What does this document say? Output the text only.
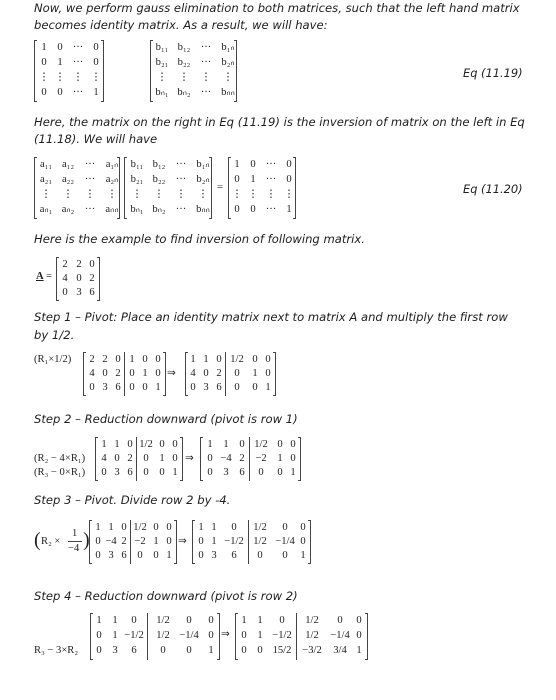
Now, we perform gauss elimination to both matrices, such that the left hand matrix
becomes identity matrix. As a result, we will have:
1 0 ··· 0
0 1 ··· 0
⋮ ⋮ ⋮ ⋮
0 0 ··· 1
b₁₁ b₁₂ ··· b₁ₙ
b₂₁ b₂₂ ··· b₂ₙ
⋮ ⋮ ⋮ ⋮
bₙ₁ bₙ₂ ··· bₙₙ
Eq (11.19)
Here, the matrix on the right in Eq (11.19) is the inversion of matrix on the left in Eq
(11.18). We will have
a₁₁ a₁₂ ··· a₁ₙ
a₂₁ a₂₂ ··· a₂ₙ
⋮ ⋮ ⋮ ⋮
aₙ₁ aₙ₂ ··· aₙₙ
b₁₁ b₁₂ ··· b₁ₙ
b₂₁ b₂₂ ··· b₂ₙ
⋮ ⋮ ⋮ ⋮
bₙ₁ bₙ₂ ··· bₙₙ
=
1 0 ··· 0
0 1 ··· 0
⋮ ⋮ ⋮ ⋮
0 0 ··· 1
Eq (11.20)
Here is the example to find inversion of following matrix.
A =
2 2 0
4 0 2
0 3 6
Step 1 – Pivot: Place an identity matrix next to matrix A and multiply the first row
by 1/2.
(R₁×1/2) 2 2 0 1 0 0
4 0 2 0 1 0
0 3 6 0 0 1
⇒
1 1 0 1/2 0 0
4 0 2 0 1 0
0 3 6 0 0 1
Step 2 – Reduction downward (pivot is row 1)
(R₂ − 4×R₁)
(R₃ − 0×R₁)
1 1 0 1/2 0 0
4 0 2 0 1 0
0 3 6 0 0 1
⇒
1 1 0 1/2 0 0
0 −4 2 −2 1 0
0 3 6 0 0 1
Step 3 – Pivot. Divide row 2 by -4.
( R₂ ×
1
−4 )
1 1 0 1/2 0 0
0 −4 2 −2 1 0
0 3 6 0 0 1
⇒
1 1 0 1/2 0 0
0 1 −1/2 1/2 −1/4 0
0 3 6 0 0 1
Step 4 – Reduction downward (pivot is row 2)
R₃ − 3×R₂
1 1 0 1/2 0 0
0 1 −1/2 1/2 −1/4 0
0 3 6 0 0 1
⇒
1 1 0 1/2 0 0
0 1 −1/2 1/2 −1/4 0
0 0 15/2 −3/2 3/4 1
